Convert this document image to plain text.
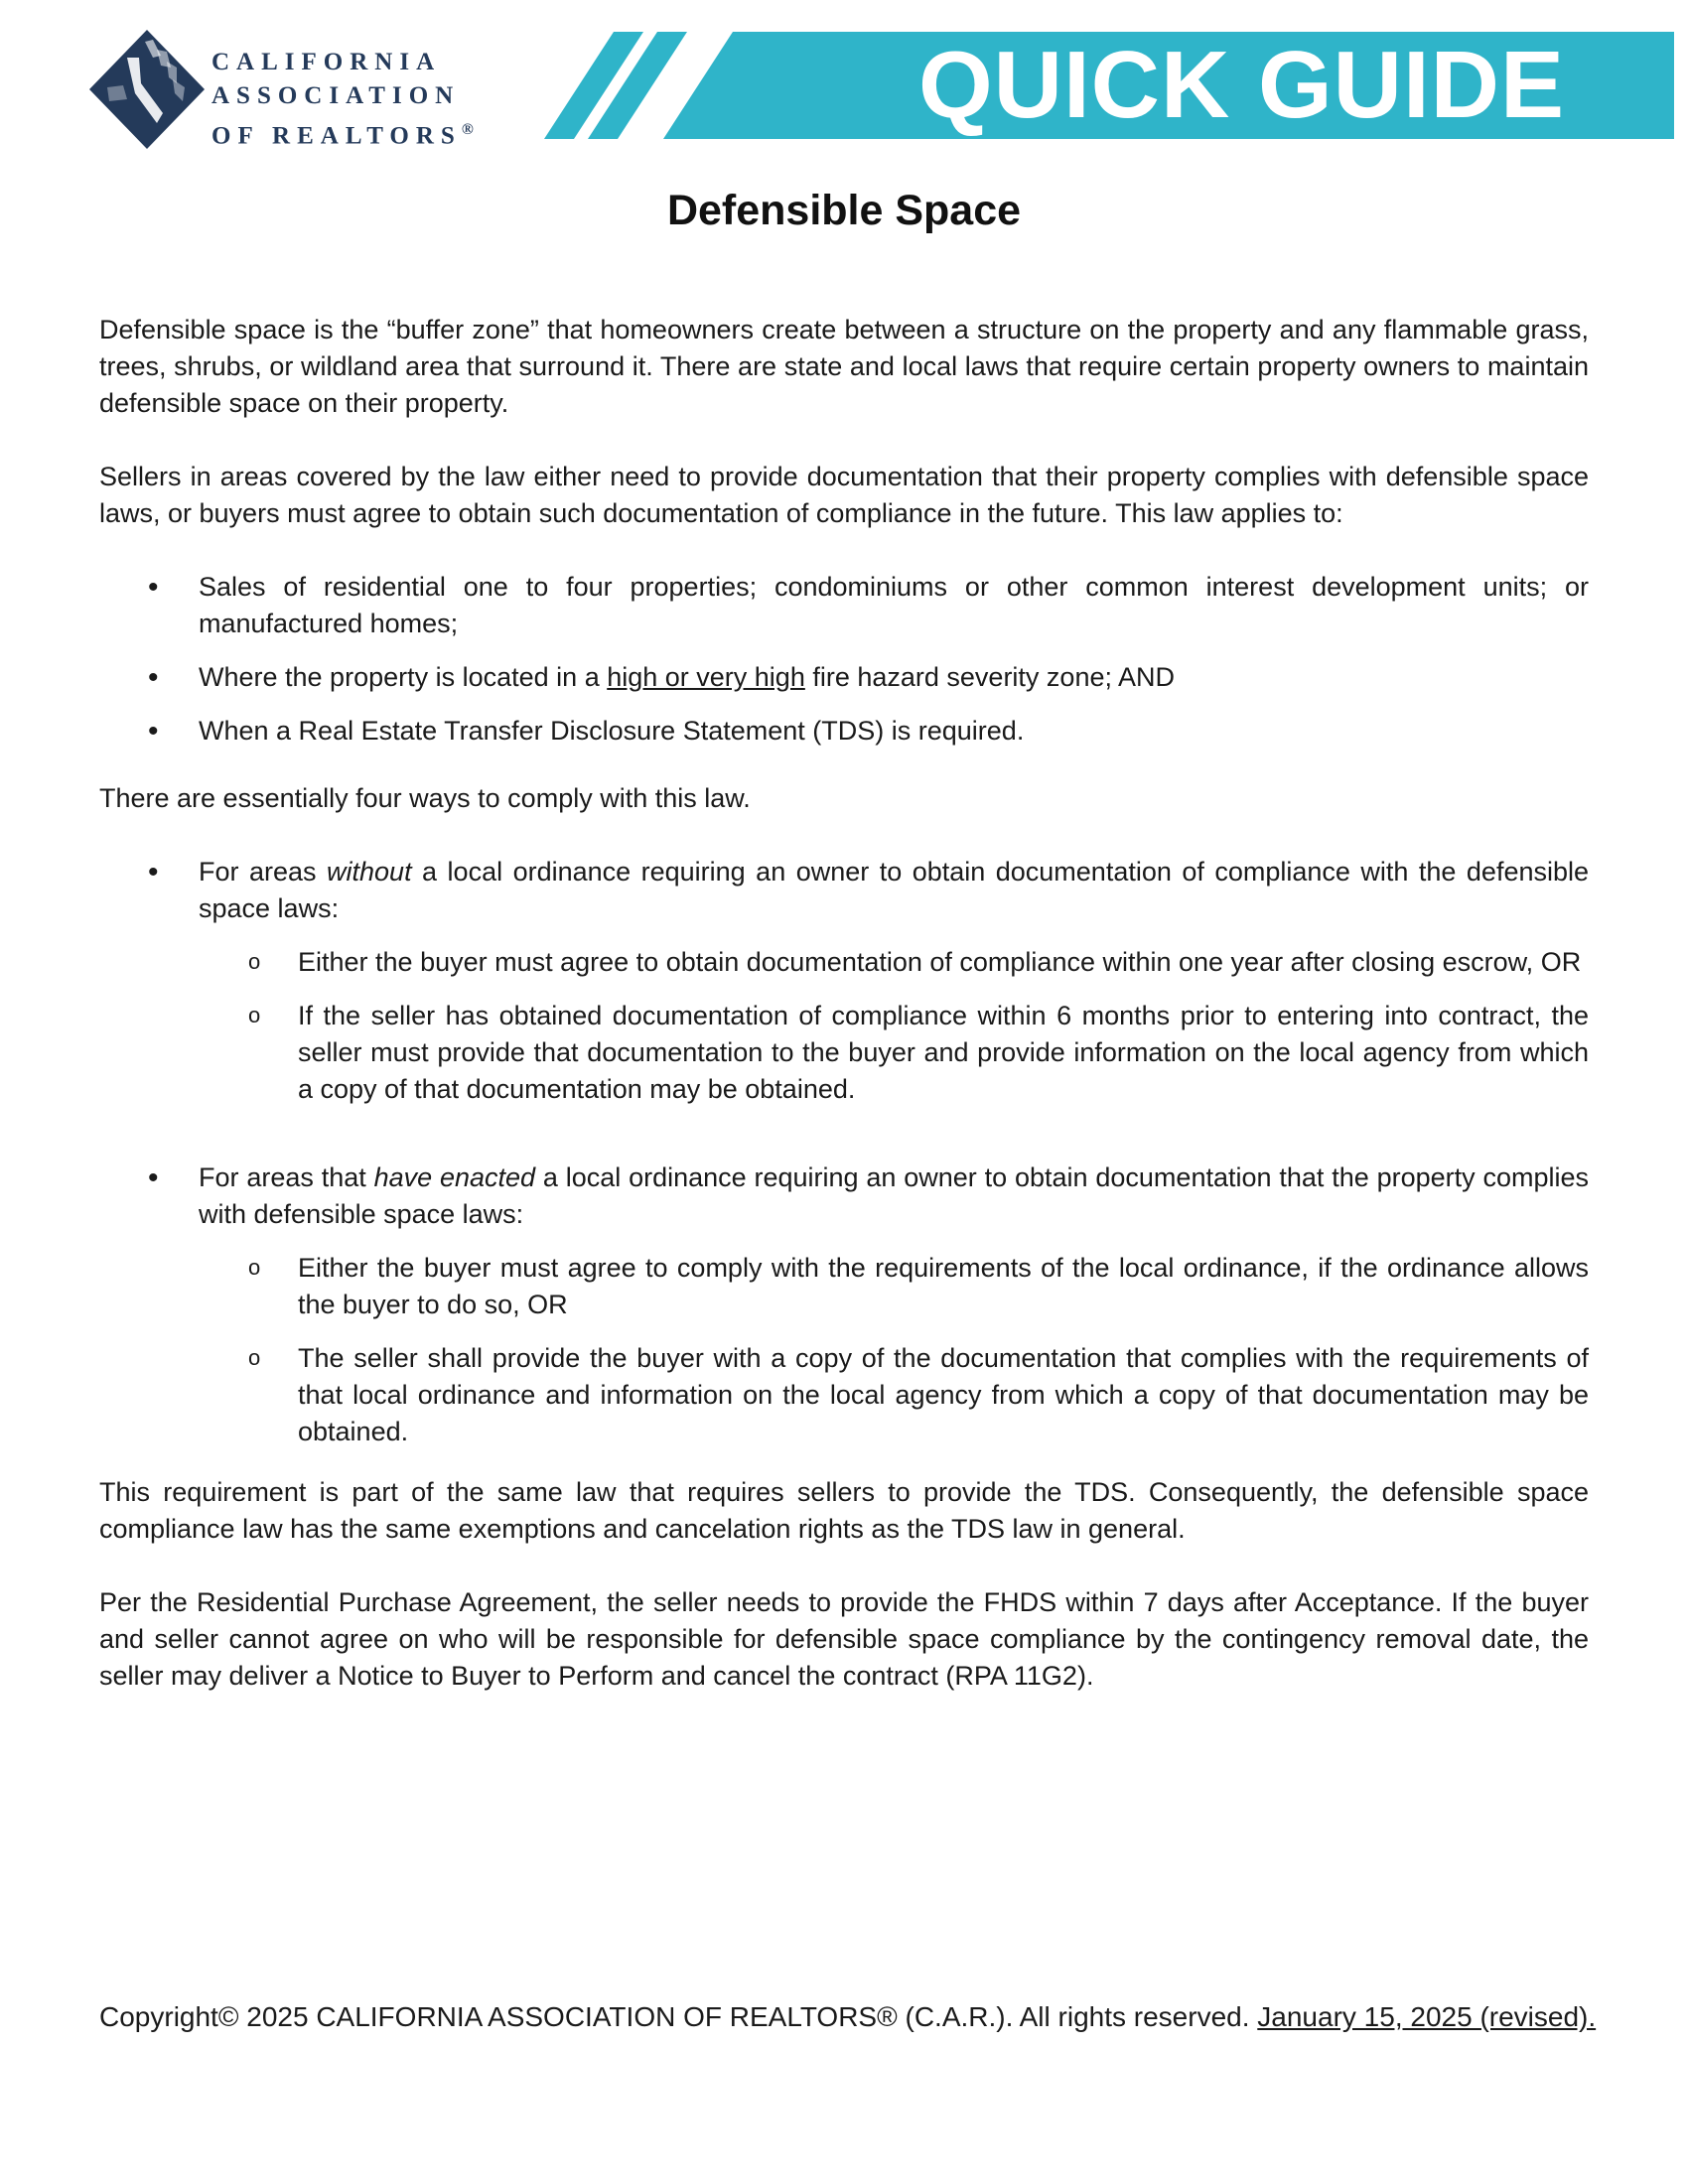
CALIFORNIA
ASSOCIATION
OF REALTORS®	QUICK GUIDE
Defensible Space

Defensible space is the “buffer zone” that homeowners create between a structure on the property and any flammable grass, trees, shrubs, or wildland area that surround it. There are state and local laws that require certain property owners to maintain defensible space on their property.

Sellers in areas covered by the law either need to provide documentation that their property complies with defensible space laws, or buyers must agree to obtain such documentation of compliance in the future. This law applies to:

• Sales of residential one to four properties; condominiums or other common interest development units; or manufactured homes;
• Where the property is located in a high or very high fire hazard severity zone; AND
• When a Real Estate Transfer Disclosure Statement (TDS) is required.

There are essentially four ways to comply with this law.

• For areas without a local ordinance requiring an owner to obtain documentation of compliance with the defensible space laws:
o Either the buyer must agree to obtain documentation of compliance within one year after closing escrow, OR
o If the seller has obtained documentation of compliance within 6 months prior to entering into contract, the seller must provide that documentation to the buyer and provide information on the local agency from which a copy of that documentation may be obtained.
• For areas that have enacted a local ordinance requiring an owner to obtain documentation that the property complies with defensible space laws:
o Either the buyer must agree to comply with the requirements of the local ordinance, if the ordinance allows the buyer to do so, OR
o The seller shall provide the buyer with a copy of the documentation that complies with the requirements of that local ordinance and information on the local agency from which a copy of that documentation may be obtained.

This requirement is part of the same law that requires sellers to provide the TDS. Consequently, the defensible space compliance law has the same exemptions and cancelation rights as the TDS law in general.

Per the Residential Purchase Agreement, the seller needs to provide the FHDS within 7 days after Acceptance. If the buyer and seller cannot agree on who will be responsible for defensible space compliance by the contingency removal date, the seller may deliver a Notice to Buyer to Perform and cancel the contract (RPA 11G2).

Copyright© 2025 CALIFORNIA ASSOCIATION OF REALTORS® (C.A.R.). All rights reserved. January 15, 2025 (revised).
